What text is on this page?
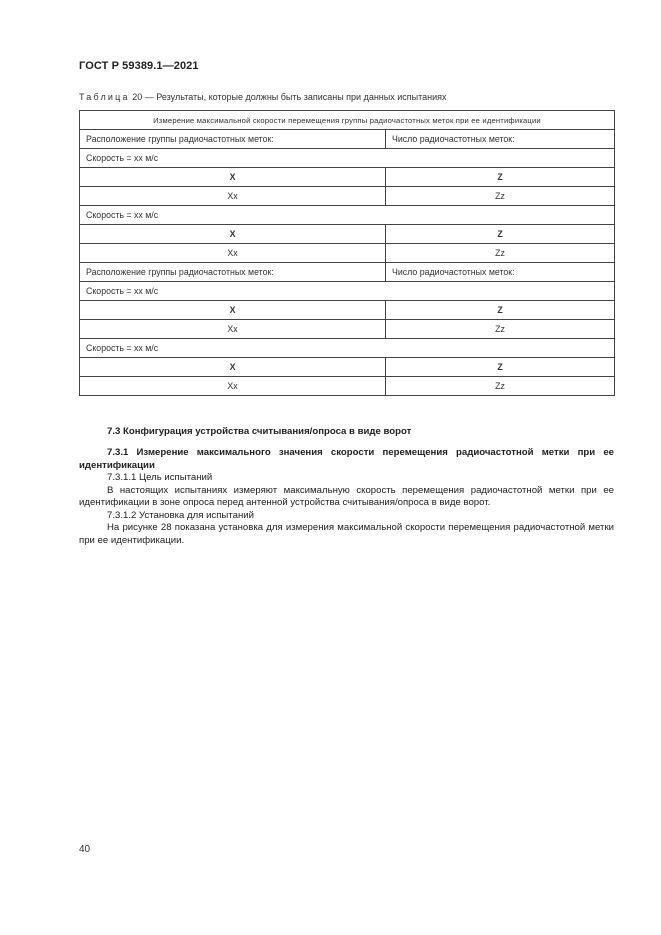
ГОСТ Р 59389.1—2021
Таблица 20 — Результаты, которые должны быть записаны при данных испытаниях
Измерение максимальной скорости перемещения группы радиочастотных меток при ее идентификации	
Расположение группы радиочастотных меток:	Число радиочастотных меток:
Скорость = хх м/с	
X	Z
Xx	Zz
Скорость = хх м/с	
X	Z
Xx	Zz
Расположение группы радиочастотных меток:	Число радиочастотных меток:
Скорость = хх м/с	
X	Z
Xx	Zz
Скорость = хх м/с	
X	Z
Xx	Zz
7.3 Конфигурация устройства считывания/опроса в виде ворот

7.3.1 Измерение максимального значения скорости перемещения радиочастотной метки при ее идентификации

7.3.1.1 Цель испытаний

В настоящих испытаниях измеряют максимальную скорость перемещения радиочастотной метки при ее идентификации в зоне опроса перед антенной устройства считывания/опроса в виде ворот.

7.3.1.2 Установка для испытаний

На рисунке 28 показана установка для измерения максимальной скорости перемещения радиочастотной метки при ее идентификации.

40
